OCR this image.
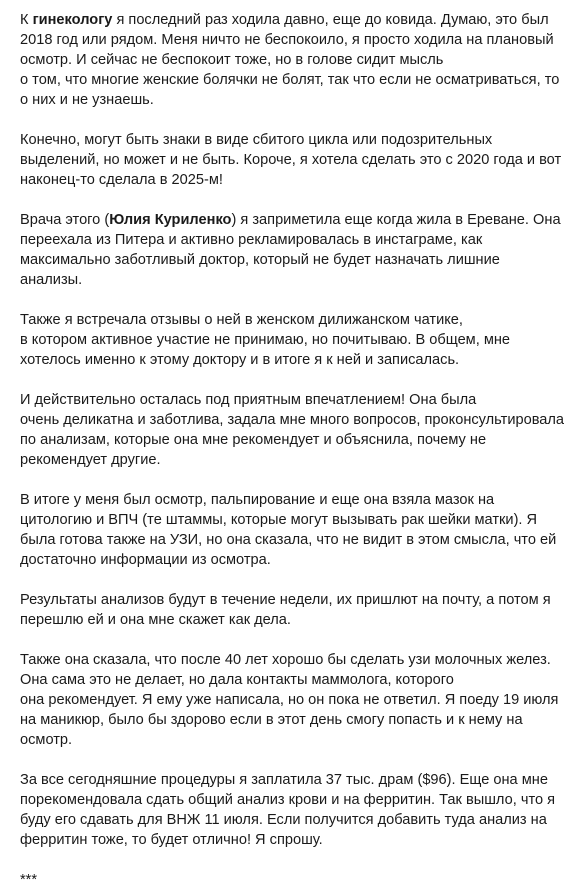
К гинекологу я последний раз ходила давно, еще до ковида. Думаю, это был
2018 год или рядом. Меня ничто не беспокоило, я просто ходила на плановый
осмотр. И сейчас не беспокоит тоже, но в голове сидит мысль
о том, что многие женские болячки не болят, так что если не осматриваться, то
о них и не узнаешь.
Конечно, могут быть знаки в виде сбитого цикла или подозрительных
выделений, но может и не быть. Короче, я хотела сделать это с 2020 года и вот
наконец-то сделала в 2025-м!
Врача этого (Юлия Куриленко) я заприметила еще когда жила в Ереване. Она
переехала из Питера и активно рекламировалась в инстаграме, как
максимально заботливый доктор, который не будет назначать лишние
анализы.
Также я встречала отзывы о ней в женском дилижанском чатике,
в котором активное участие не принимаю, но почитываю. В общем, мне
хотелось именно к этому доктору и в итоге я к ней и записалась.
И действительно осталась под приятным впечатлением! Она была
очень деликатна и заботлива, задала мне много вопросов, проконсультировала
по анализам, которые она мне рекомендует и объяснила, почему не
рекомендует другие.
В итоге у меня был осмотр, пальпирование и еще она взяла мазок на
цитологию и ВПЧ (те штаммы, которые могут вызывать рак шейки матки). Я
была готова также на УЗИ, но она сказала, что не видит в этом смысла, что ей
достаточно информации из осмотра.
Результаты анализов будут в течение недели, их пришлют на почту, а потом я
перешлю ей и она мне скажет как дела.
Также она сказала, что после 40 лет хорошо бы сделать узи молочных желез.
Она сама это не делает, но дала контакты маммолога, которого
она рекомендует. Я ему уже написала, но он пока не ответил. Я поеду 19 июля
на маникюр, было бы здорово если в этот день смогу попасть и к нему на
осмотр.
За все сегодняшние процедуры я заплатила 37 тыс. драм ($96). Еще она мне
порекомендовала сдать общий анализ крови и на ферритин. Так вышло, что я
буду его сдавать для ВНЖ 11 июля. Если получится добавить туда анализ на
ферритин тоже, то будет отлично! Я спрошу.
***
